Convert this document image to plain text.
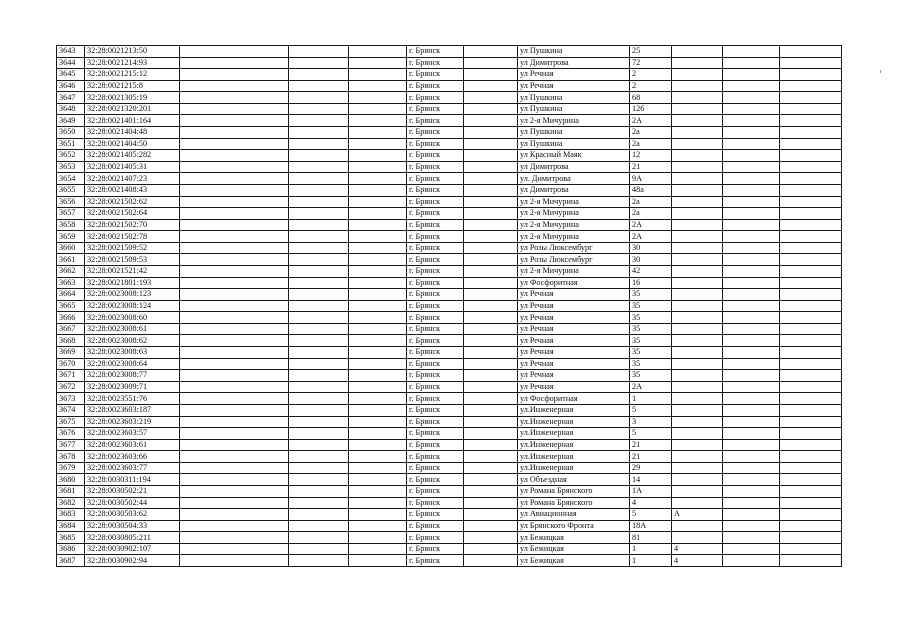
3643	32:28:0021213:50				г. Брянск		ул Пушкина	25			
3644	32:28:0021214:93				г. Брянск		ул Димитрова	72			
3645	32:28:0021215:12				г. Брянск		ул Речная	2			
3646	32:28:0021215:8				г. Брянск		ул Речная	2			
3647	32:28:0021305:19				г. Брянск		ул Пушкина	68			
3648	32:28:0021320:201				г. Брянск		ул Пушкина	126			
3649	32:28:0021401:164				г. Брянск		ул 2-я Мичурина	2А			
3650	32:28:0021404:48				г. Брянск		ул Пушкина	2а			
3651	32:28:0021404:50				г. Брянск		ул Пушкина	2а			
3652	32:28:0021405:282				г. Брянск		ул Красный Маяк	12			
3653	32:28:0021405:31				г. Брянск		ул Димитрова	21			
3654	32:28:0021407:23				г. Брянск		ул. Димитрова	9А			
3655	32:28:0021408:43				г. Брянск		ул Димитрова	48а			
3656	32:28:0021502:62				г. Брянск		ул 2-я Мичурина	2а			
3657	32:28:0021502:64				г. Брянск		ул 2-я Мичурина	2а			
3658	32:28:0021502:70				г. Брянск		ул 2-я Мичурина	2А			
3659	32:28:0021502:78				г. Брянск		ул 2-я Мичурина	2А			
3660	32:28:0021509:52				г. Брянск		ул Розы Люксембург	30			
3661	32:28:0021509:53				г. Брянск		ул Розы Люксембург	30			
3662	32:28:0021521:42				г. Брянск		ул 2-я Мичурина	42			
3663	32:28:0021801:193				г. Брянск		ул Фосфоритная	16			
3664	32:28:0023008:123				г. Брянск		ул Речная	35			
3665	32:28:0023008:124				г. Брянск		ул Речная	35			
3666	32:28:0023008:60				г. Брянск		ул Речная	35			
3667	32:28:0023008:61				г. Брянск		ул Речная	35			
3668	32:28:0023008:62				г. Брянск		ул Речная	35			
3669	32:28:0023008:63				г. Брянск		ул Речная	35			
3670	32:28:0023008:64				г. Брянск		ул Речная	35			
3671	32:28:0023008:77				г. Брянск		ул Речная	35			
3672	32:28:0023009:71				г. Брянск		ул Речная	2А			
3673	32:28:0023551:76				г. Брянск		ул Фосфоритная	1			
3674	32:28:0023603:187				г. Брянск		ул.Инженерная	5			
3675	32:28:0023603:219				г. Брянск		ул.Инженерная	3			
3676	32:28:0023603:57				г. Брянск		ул.Инженерная	5			
3677	32:28:0023603:61				г. Брянск		ул.Инженерная	21			
3678	32:28:0023603:66				г. Брянск		ул.Инженерная	21			
3679	32:28:0023603:77				г. Брянск		ул.Инженерная	29			
3680	32:28:0030311:194				г. Брянск		ул Объездная	14			
3681	32:28:0030502:21				г. Брянск		ул Романа Брянского	1А			
3682	32:28:0030502:44				г. Брянск		ул Романа Брянского	4			
3683	32:28:0030503:62				г. Брянск		ул Авиационная	5	А		
3684	32:28:0030504:33				г. Брянск		ул Брянского Фронта	18А			
3685	32:28:0030805:211				г. Брянск		ул Бежицкая	81			
3686	32:28:0030902:107				г. Брянск		ул Бежицкая	1	4		
3687	32:28:0030902:94				г. Брянск		ул Бежицкая	1	4		
